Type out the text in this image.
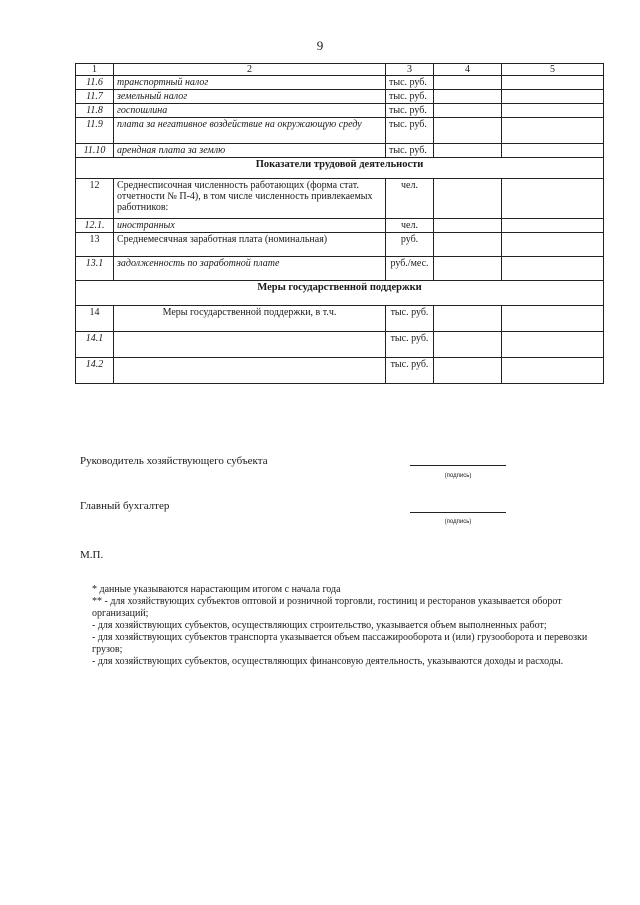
9
1	2	3	4	5
11.6	транспортный налог	тыс. руб.		
11.7	земельный налог	тыс. руб.		
11.8	госпошлина	тыс. руб.		
11.9	плата за негативное воздействие на окружающую среду	тыс. руб.		
11.10	арендная плата за землю	тыс. руб.		
Показатели трудовой деятельности				
12	Среднесписочная численность работающих (форма стат. отчетности № П-4), в том числе численность привлекаемых работников:	чел.		
12.1.	иностранных	чел.		
13	Среднемесячная заработная плата (номинальная)	руб.		
13.1	задолженность по заработной плате	руб./мес.		
Меры государственной поддержки				
14	Меры государственной поддержки, в т.ч.	тыс. руб.		
14.1		тыс. руб.		
14.2		тыс. руб.		
Руководитель хозяйствующего субъекта
(подпись)
Главный бухгалтер
(подпись)
М.П.

* данные указываются нарастающим итогом с начала года

** - для хозяйствующих субъектов оптовой и розничной торговли, гостиниц и ресторанов указывается оборот организаций;

- для хозяйствующих субъектов, осуществляющих строительство, указывается объем выполненных работ;

- для хозяйствующих субъектов транспорта указывается объем пассажирооборота и (или) грузооборота и перевозки грузов;

- для хозяйствующих субъектов, осуществляющих финансовую деятельность, указываются доходы и расходы.
